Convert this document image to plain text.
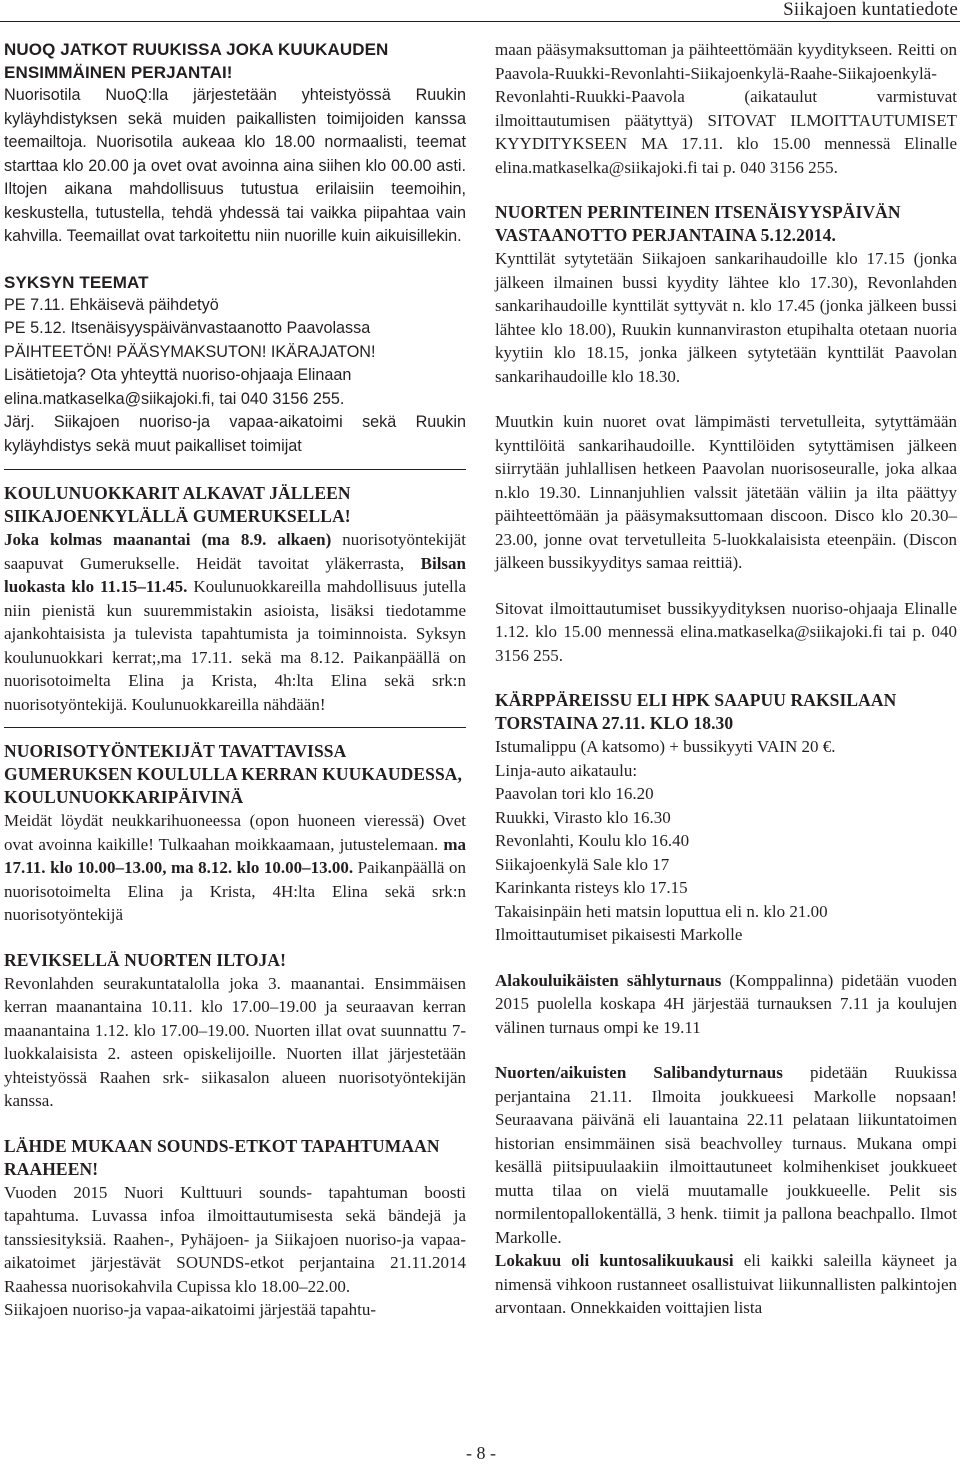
Siikajoen kuntatiedote

NUOQ JATKOT RUUKISSA JOKA KUUKAUDEN ENSIMMÄINEN PERJANTAI!

Nuorisotila NuoQ:lla järjestetään yhteistyössä Ruukin kyläyhdistyksen sekä muiden paikallisten toimijoiden kanssa teemailtoja. Nuorisotila aukeaa klo 18.00 normaalisti, teemat starttaa klo 20.00 ja ovet ovat avoinna aina siihen klo 00.00 asti. Iltojen aikana mahdollisuus tutustua erilaisiin teemoihin, keskustella, tutustella, tehdä yhdessä tai vaikka piipahtaa vain kahvilla. Teemaillat ovat tarkoitettu niin nuorille kuin aikuisillekin.

SYKSYN TEEMAT

PE 7.11. Ehkäisevä päihdetyö

PE 5.12. Itsenäisyyspäivänvastaanotto Paavolassa

PÄIHTEETÖN! PÄÄSYMAKSUTON! IKÄRAJATON!

Lisätietoja? Ota yhteyttä nuoriso-ohjaaja Elinaan

elina.matkaselka@siikajoki.fi, tai 040 3156 255.

Järj. Siikajoen nuoriso-ja vapaa-aikatoimi sekä Ruukin kyläyhdistys sekä muut paikalliset toimijat

KOULUNUOKKARIT ALKAVAT JÄLLEEN SIIKAJOENKYLÄLLÄ GUMERUKSELLA!

Joka kolmas maanantai (ma 8.9. alkaen) nuorisotyöntekijät saapuvat Gumerukselle. Heidät tavoitat yläkerrasta, Bilsan luokasta klo 11.15–11.45. Koulunuokkareilla mahdollisuus jutella niin pienistä kun suuremmistakin asioista, lisäksi tiedotamme ajankohtaisista ja tulevista tapahtumista ja toiminnoista. Syksyn koulunuokkari kerrat;,ma 17.11. sekä ma 8.12. Paikanpäällä on nuorisotoimelta Elina ja Krista, 4h:lta Elina sekä srk:n nuorisotyöntekijä. Koulunuokkareilla nähdään!

NUORISOTYÖNTEKIJÄT TAVATTAVISSA GUMERUKSEN KOULULLA KERRAN KUUKAUDESSA, KOULUNUOKKARIPÄIVINÄ

Meidät löydät neukkarihuoneessa (opon huoneen vieressä) Ovet ovat avoinna kaikille! Tulkaahan moikkaamaan, jutustelemaan. ma 17.11. klo 10.00–13.00, ma 8.12. klo 10.00–13.00. Paikanpäällä on nuorisotoimelta Elina ja Krista, 4H:lta Elina sekä srk:n nuorisotyöntekijä

REVIKSELLÄ NUORTEN ILTOJA!

Revonlahden seurakuntatalolla joka 3. maanantai. Ensimmäisen kerran maanantaina 10.11. klo 17.00–19.00 ja seuraavan kerran maanantaina 1.12. klo 17.00–19.00. Nuorten illat ovat suunnattu 7-luokkalaisista 2. asteen opiskelijoille. Nuorten illat järjestetään yhteistyössä Raahen srk- siikasalon alueen nuorisotyöntekijän kanssa.

LÄHDE MUKAAN SOUNDS-ETKOT TAPAHTUMAAN RAAHEEN!

Vuoden 2015 Nuori Kulttuuri sounds- tapahtuman boosti tapahtuma. Luvassa infoa ilmoittautumisesta sekä bändejä ja tanssiesityksiä. Raahen-, Pyhäjoen- ja Siikajoen nuoriso-ja vapaa-aikatoimet järjestävät SOUNDS-etkot perjantaina 21.11.2014 Raahessa nuorisokahvila Cupissa klo 18.00–22.00.

Siikajoen nuoriso-ja vapaa-aikatoimi järjestää tapahtu-

maan pääsymaksuttoman ja päihteettömään kyyditykseen. Reitti on Paavola-Ruukki-Revonlahti-Siikajoenkylä-Raahe-Siikajoenkylä-Revonlahti-Ruukki-Paavola (aikataulut varmistuvat ilmoittautumisen päätyttyä) SITOVAT ILMOITTAUTUMISET KYYDITYKSEEN MA 17.11. klo 15.00 mennessä Elinalle elina.matkaselka@siikajoki.fi tai p. 040 3156 255.

NUORTEN PERINTEINEN ITSENÄISYYSPÄIVÄN VASTAANOTTO PERJANTAINA 5.12.2014.

Kynttilät sytytetään Siikajoen sankarihaudoille klo 17.15 (jonka jälkeen ilmainen bussi kyydity lähtee klo 17.30), Revonlahden sankarihaudoille kynttilät syttyvät n. klo 17.45 (jonka jälkeen bussi lähtee klo 18.00), Ruukin kunnanviraston etupihalta otetaan nuoria kyytiin klo 18.15, jonka jälkeen sytytetään kynttilät Paavolan sankarihaudoille klo 18.30.

Muutkin kuin nuoret ovat lämpimästi tervetulleita, sytyttämään kynttilöitä sankarihaudoille. Kynttilöiden sytyttämisen jälkeen siirrytään juhlallisen hetkeen Paavolan nuorisoseuralle, joka alkaa n.klo 19.30. Linnanjuhlien valssit jätetään väliin ja ilta päättyy päihteettömään ja pääsymaksuttomaan discoon. Disco klo 20.30–23.00, jonne ovat tervetulleita 5-luokkalaisista eteenpäin. (Discon jälkeen bussikyyditys samaa reittiä).

Sitovat ilmoittautumiset bussikyydityksen nuoriso-ohjaaja Elinalle 1.12. klo 15.00 mennessä elina.matkaselka@siikajoki.fi tai p. 040 3156 255.

KÄRPPÄREISSU ELI HPK SAAPUU RAKSILAAN TORSTAINA 27.11. KLO 18.30

Istumalippu (A katsomo) + bussikyyti VAIN 20 €.

Linja-auto aikataulu:

Paavolan tori klo 16.20

Ruukki, Virasto klo 16.30

Revonlahti, Koulu klo 16.40

Siikajoenkylä Sale klo 17

Karinkanta risteys klo 17.15

Takaisinpäin heti matsin loputtua eli n. klo 21.00

Ilmoittautumiset pikaisesti Markolle

Alakouluikäisten sählyturnaus (Komppalinna) pidetään vuoden 2015 puolella koskapa 4H järjestää turnauksen 7.11 ja koulujen välinen turnaus ompi ke 19.11

Nuorten/aikuisten Salibandyturnaus pidetään Ruukissa perjantaina 21.11. Ilmoita joukkueesi Markolle nopsaan! Seuraavana päivänä eli lauantaina 22.11 pelataan liikuntatoimen historian ensimmäinen sisä beachvolley turnaus. Mukana ompi kesällä piitsipuulaakiin ilmoittautuneet kolmihenkiset joukkueet mutta tilaa on vielä muutamalle joukkueelle. Pelit sis normilentopallokentällä, 3 henk. tiimit ja pallona beachpallo. Ilmot Markolle.

Lokakuu oli kuntosalikuukausi eli kaikki saleilla käyneet ja nimensä vihkoon rustanneet osallistuivat liikunnallisten palkintojen arvontaan. Onnekkaiden voittajien lista

- 8 -
